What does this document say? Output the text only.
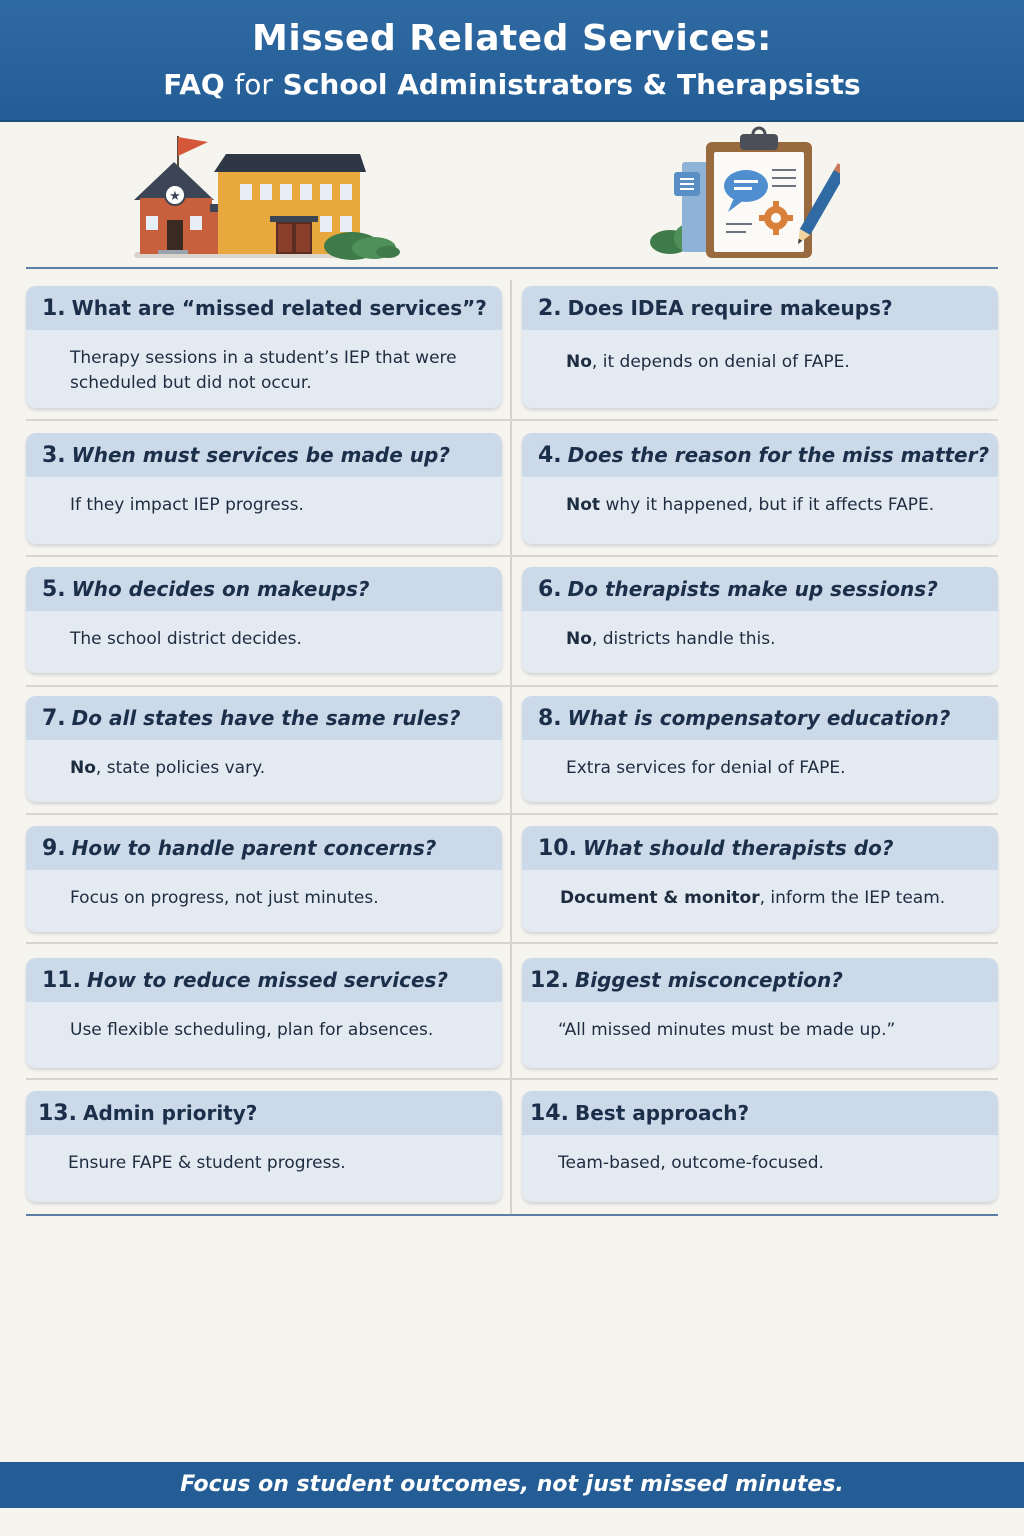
Missed Related Services:
FAQ for School Administrators & Therapsists
★
1. What are “missed related services”?
Therapy sessions in a student’s IEP that were scheduled but did not occur.
2. Does IDEA require makeups?
No, it depends on denial of FAPE.
3. When must services be made up?
If they impact IEP progress.
4. Does the reason for the miss matter?
Not why it happened, but if it affects FAPE.
5. Who decides on makeups?
The school district decides.
6. Do therapists make up sessions?
No, districts handle this.
7. Do all states have the same rules?
No, state policies vary.
8. What is compensatory education?
Extra services for denial of FAPE.
9. How to handle parent concerns?
Focus on progress, not just minutes.
10. What should therapists do?
Document & monitor, inform the IEP team.
11. How to reduce missed services?
Use flexible scheduling, plan for absences.
12. Biggest misconception?
“All missed minutes must be made up.”
13. Admin priority?
Ensure FAPE & student progress.
14. Best approach?
Team-based, outcome-focused.
Focus on student outcomes, not just missed minutes.
